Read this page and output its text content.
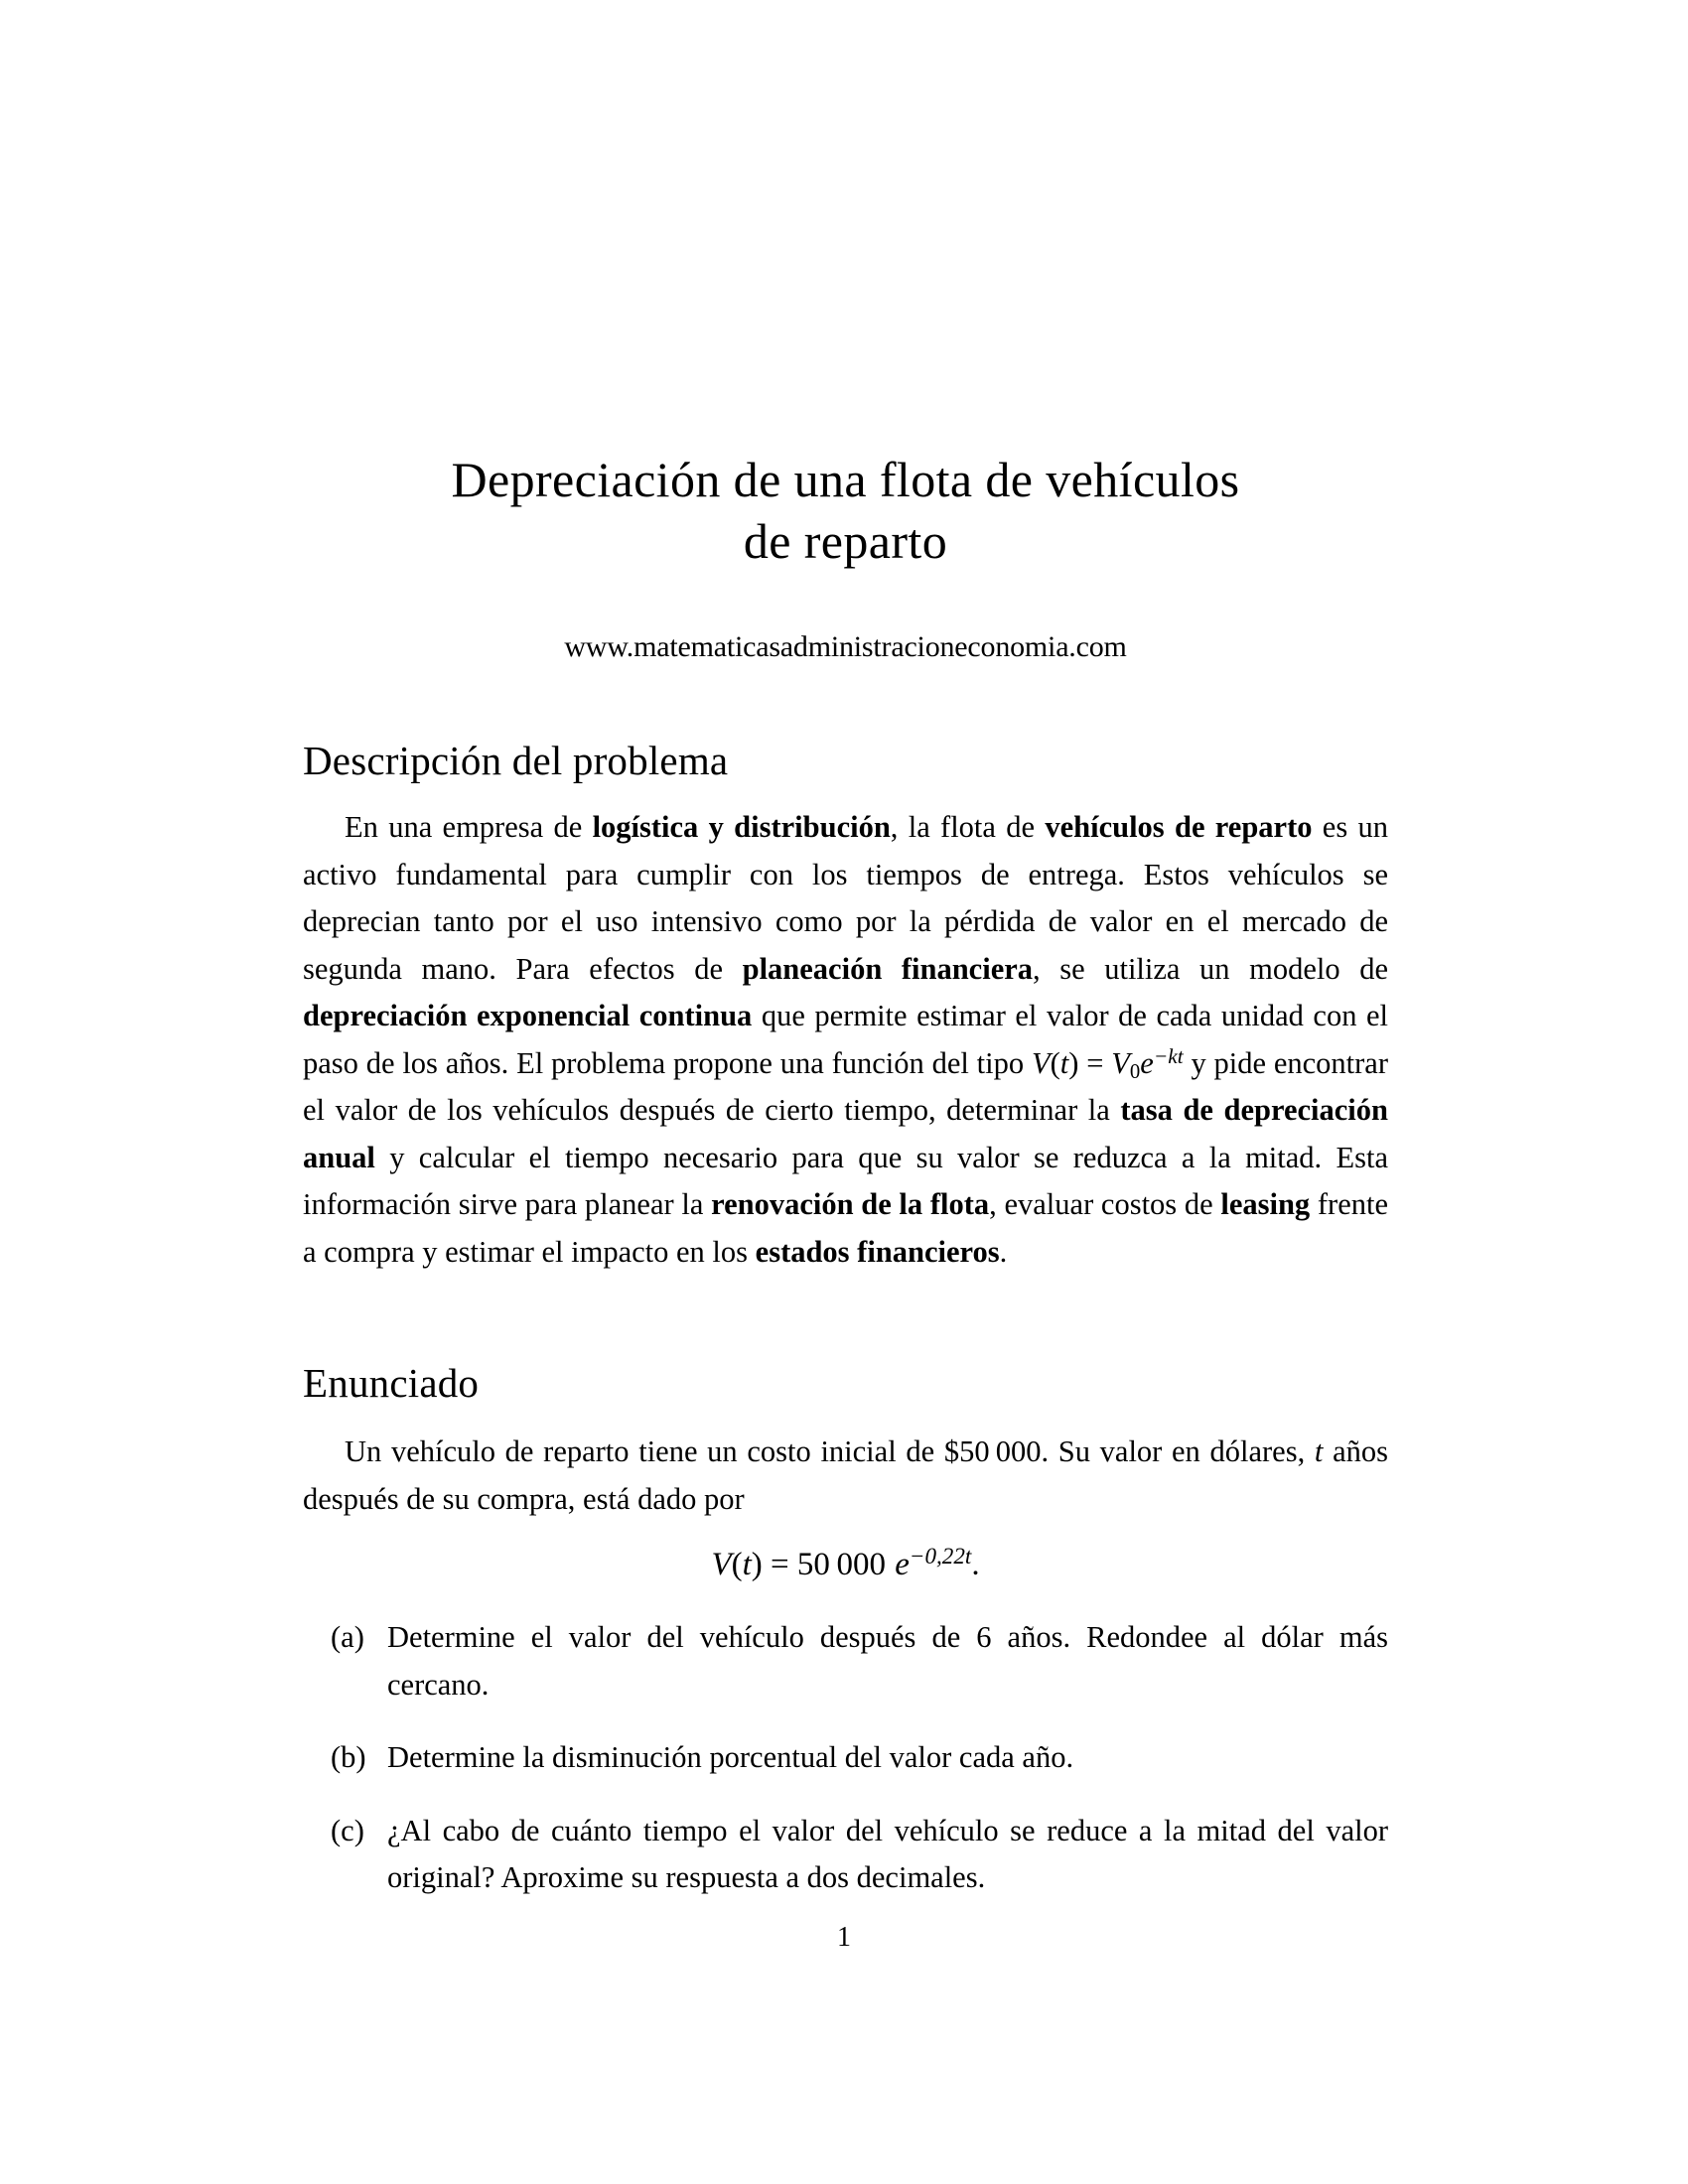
Depreciación de una flota de vehículos
de reparto
www.matematicasadministracioneconomia.com
Descripción del problema

En una empresa de logística y distribución, la flota de vehículos de reparto es un activo fundamental para cumplir con los tiempos de entrega. Estos vehículos se deprecian tanto por el uso intensivo como por la pérdida de valor en el mercado de segunda mano. Para efectos de planeación financiera, se utiliza un modelo de depreciación exponencial continua que permite estimar el valor de cada unidad con el paso de los años. El problema propone una función del tipo $V(t) = V_0e^{-kt}$ y pide encontrar el valor de los vehículos después de cierto tiempo, determinar la tasa de depreciación anual y calcular el tiempo necesario para que su valor se reduzca a la mitad. Esta información sirve para planear la renovación de la flota, evaluar costos de leasing frente a compra y estimar el impacto en los estados financieros.

Enunciado

Un vehículo de reparto tiene un costo inicial de $50 000. Su valor en dólares, t años después de su compra, está dado por

V(t) = 50 000 $e^{-0,22t}$.
(a) Determine el valor del vehículo después de 6 años. Redondee al dólar más cercano.
(b) Determine la disminución porcentual del valor cada año.
(c) ¿Al cabo de cuánto tiempo el valor del vehículo se reduce a la mitad del valor original? Aproxime su respuesta a dos decimales.
1
